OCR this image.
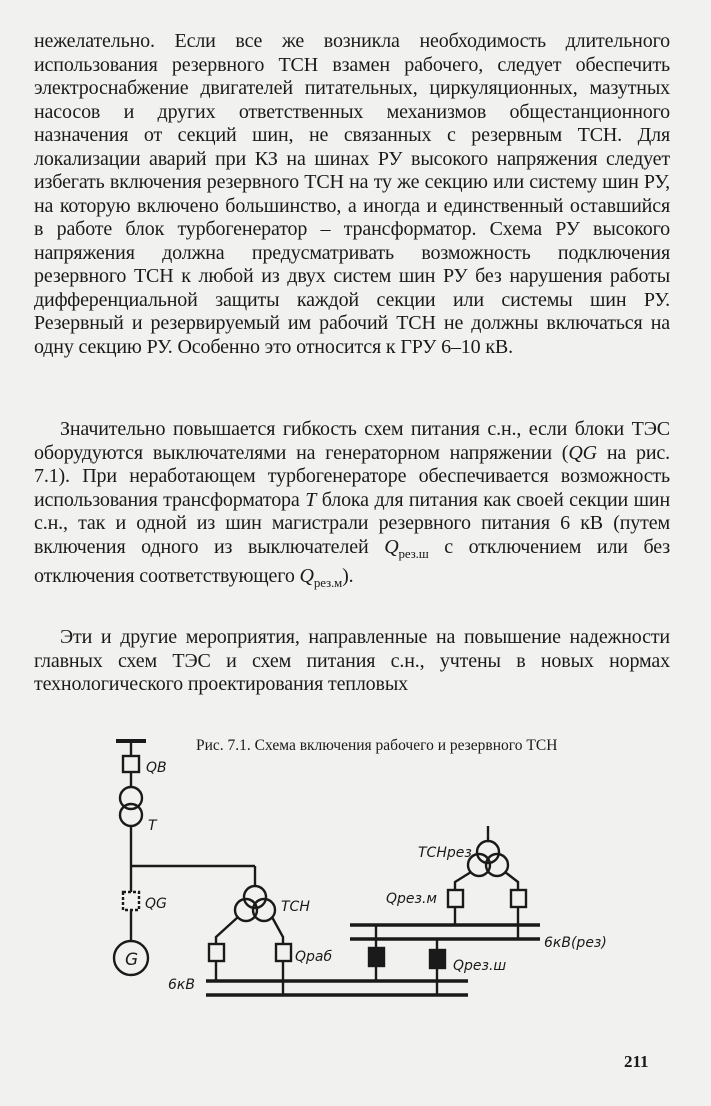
нежелательно. Если все же возникла необходимость длительного использования резервного ТСН взамен рабочего, следует обеспечить электроснабжение двигателей питательных, циркуляционных, мазутных насосов и других ответственных механизмов общестанционного назначения от секций шин, не связанных с резервным ТСН. Для локализации аварий при КЗ на шинах РУ высокого напряжения следует избегать включения резервного ТСН на ту же секцию или систему шин РУ, на которую включено большинство, а иногда и единственный оставшийся в работе блок турбогенератор – трансформатор. Схема РУ высокого напряжения должна предусматривать возможность подключения резервного ТСН к любой из двух систем шин РУ без нарушения работы дифференциальной защиты каждой секции или системы шин РУ. Резервный и резервируемый им рабочий ТСН не должны включаться на одну секцию РУ. Особенно это относится к ГРУ 6–10 кВ.

Значительно повышается гибкость схем питания с.н., если блоки ТЭС оборудуются выключателями на генераторном напряжении (QG на рис. 7.1). При неработающем турбогенераторе обеспечивается возможность использования трансформатора T блока для питания как своей секции шин с.н., так и одной из шин магистрали резервного питания 6 кВ (путем включения одного из выключателей $Q_{рез.ш}$ с отключением или без отключения соответствующего $Q_{рез.м}$).

Эти и другие мероприятия, направленные на повышение надежности главных схем ТЭС и схем питания с.н., учтены в новых нормах технологического проектирования тепловых

Рис. 7.1. Схема включения рабочего и резервного ТСН
QB
T
QG
G
ТСН
Qраб
6кВ
ТСНрез
Qрез.м
Qрез.ш
6кВ(рез)
211
